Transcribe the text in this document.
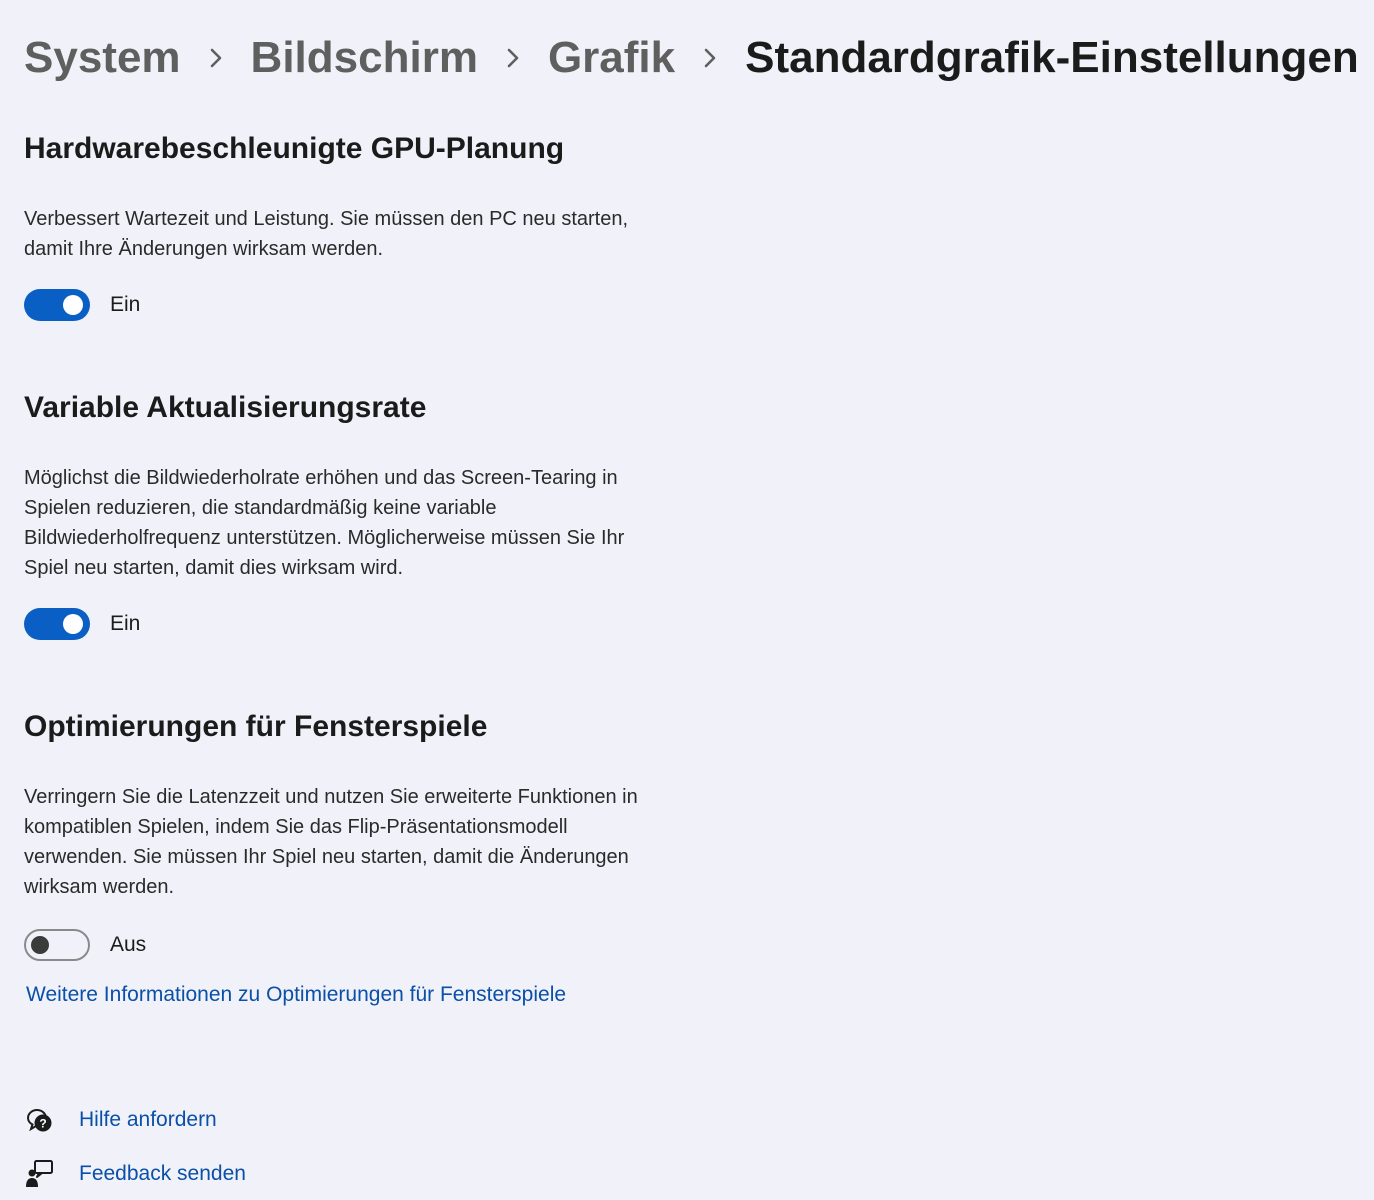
System Bildschirm Grafik Standardgrafik-Einstellungen
Hardwarebeschleunigte GPU-Planung

Verbessert Wartezeit und Leistung. Sie müssen den PC neu starten,

damit Ihre Änderungen wirksam werden.

Ein
Variable Aktualisierungsrate

Möglichst die Bildwiederholrate erhöhen und das Screen-Tearing in

Spielen reduzieren, die standardmäßig keine variable

Bildwiederholfrequenz unterstützen. Möglicherweise müssen Sie Ihr

Spiel neu starten, damit dies wirksam wird.

Ein
Optimierungen für Fensterspiele

Verringern Sie die Latenzzeit und nutzen Sie erweiterte Funktionen in

kompatiblen Spielen, indem Sie das Flip-Präsentationsmodell

verwenden. Sie müssen Ihr Spiel neu starten, damit die Änderungen

wirksam werden.

Aus
Weitere Informationen zu Optimierungen für Fensterspiele
? Hilfe anfordern
Feedback senden
